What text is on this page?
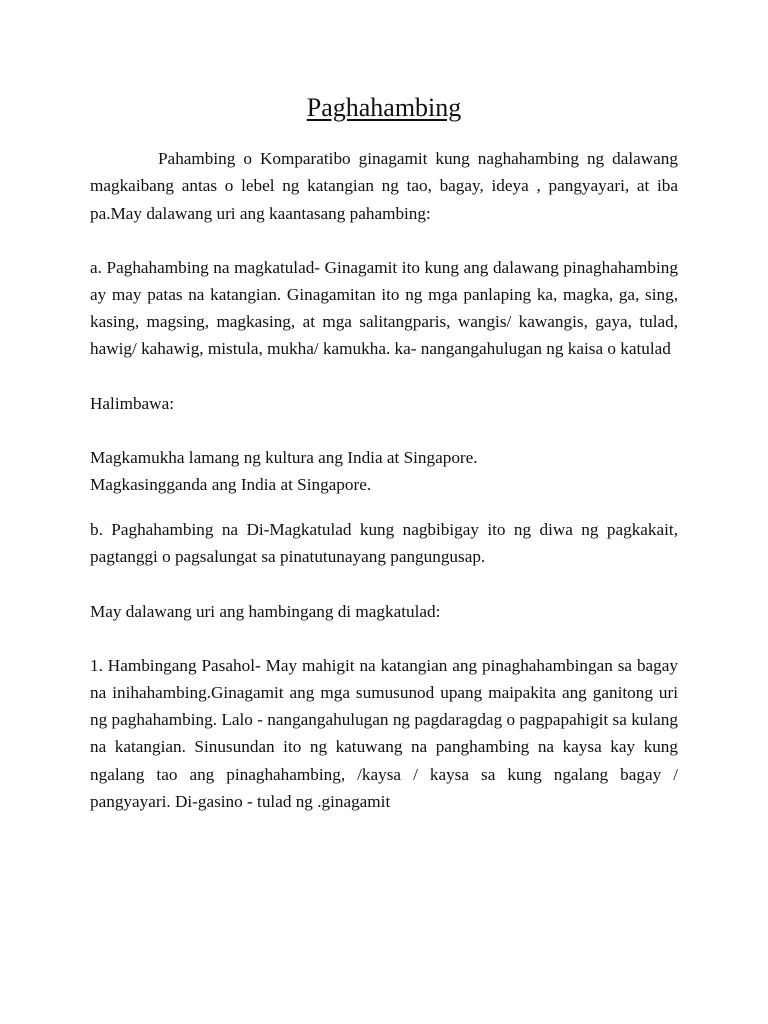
Paghahambing

Pahambing o Komparatibo ginagamit kung naghahambing ng dalawang magkaibang antas o lebel ng katangian ng tao, bagay, ideya , pangyayari, at iba pa.May dalawang uri ang kaantasang pahambing:

a. Paghahambing na magkatulad- Ginagamit ito kung ang dalawang pinaghahambing ay may patas na katangian. Ginagamitan ito ng mga panlaping ka, magka, ga, sing, kasing, magsing, magkasing, at mga salitangparis, wangis/ kawangis, gaya, tulad, hawig/ kahawig, mistula, mukha/ kamukha. ka- nangangahulugan ng kaisa o katulad

Halimbawa:

Magkamukha lamang ng kultura ang India at Singapore.
Magkasingganda ang India at Singapore.

b. Paghahambing na Di-Magkatulad kung nagbibigay ito ng diwa ng pagkakait, pagtanggi o pagsalungat sa pinatutunayang pangungusap.

May dalawang uri ang hambingang di magkatulad:

1. Hambingang Pasahol- May mahigit na katangian ang pinaghahambingan sa bagay na inihahambing.Ginagamit ang mga sumusunod upang maipakita ang ganitong uri ng paghahambing. Lalo - nangangahulugan ng pagdaragdag o pagpapahigit sa kulang na katangian. Sinusundan ito ng katuwang na panghambing na kaysa kay kung ngalang tao ang pinaghahambing, /kaysa / kaysa sa kung ngalang bagay / pangyayari. Di-gasino - tulad ng .ginagamit
